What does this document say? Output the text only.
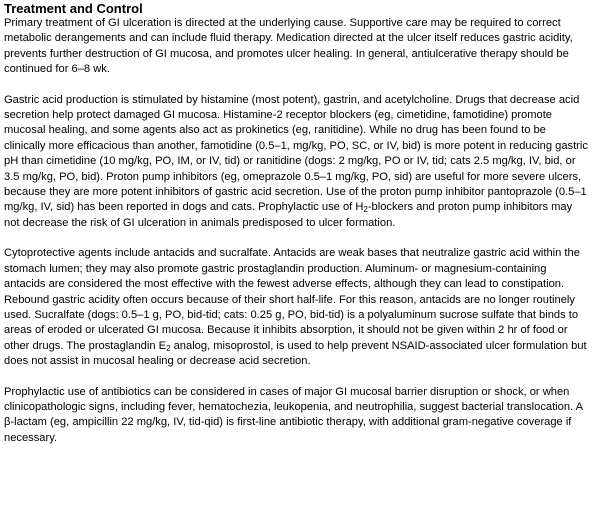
Treatment and Control

Primary treatment of GI ulceration is directed at the underlying cause. Supportive care may be required to correct metabolic derangements and can include fluid therapy. Medication directed at the ulcer itself reduces gastric acidity, prevents further destruction of GI mucosa, and promotes ulcer healing. In general, antiulcerative therapy should be continued for 6–8 wk.

Gastric acid production is stimulated by histamine (most potent), gastrin, and acetylcholine. Drugs that decrease acid secretion help protect damaged GI mucosa. Histamine-2 receptor blockers (eg, cimetidine, famotidine) promote mucosal healing, and some agents also act as prokinetics (eg, ranitidine). While no drug has been found to be clinically more efficacious than another, famotidine (0.5–1, mg/kg, PO, SC, or IV, bid) is more potent in reducing gastric pH than cimetidine (10 mg/kg, PO, IM, or IV, tid) or ranitidine (dogs: 2 mg/kg, PO or IV, tid; cats 2.5 mg/kg, IV, bid, or 3.5 mg/kg, PO, bid). Proton pump inhibitors (eg, omeprazole 0.5–1 mg/kg, PO, sid) are useful for more severe ulcers, because they are more potent inhibitors of gastric acid secretion. Use of the proton pump inhibitor pantoprazole (0.5–1 mg/kg, IV, sid) has been reported in dogs and cats. Prophylactic use of $H_2$-blockers and proton pump inhibitors may not decrease the risk of GI ulceration in animals predisposed to ulcer formation.

Cytoprotective agents include antacids and sucralfate. Antacids are weak bases that neutralize gastric acid within the stomach lumen; they may also promote gastric prostaglandin production. Aluminum- or magnesium-containing antacids are considered the most effective with the fewest adverse effects, although they can lead to constipation. Rebound gastric acidity often occurs because of their short half-life. For this reason, antacids are no longer routinely used. Sucralfate (dogs: 0.5–1 g, PO, bid-tid; cats: 0.25 g, PO, bid-tid) is a polyaluminum sucrose sulfate that binds to areas of eroded or ulcerated GI mucosa. Because it inhibits absorption, it should not be given within 2 hr of food or other drugs. The prostaglandin $E_2$ analog, misoprostol, is used to help prevent NSAID-associated ulcer formulation but does not assist in mucosal healing or decrease acid secretion.

Prophylactic use of antibiotics can be considered in cases of major GI mucosal barrier disruption or shock, or when clinicopathologic signs, including fever, hematochezia, leukopenia, and neutrophilia, suggest bacterial translocation. A β-lactam (eg, ampicillin 22 mg/kg, IV, tid-qid) is first-line antibiotic therapy, with additional gram-negative coverage if necessary.
